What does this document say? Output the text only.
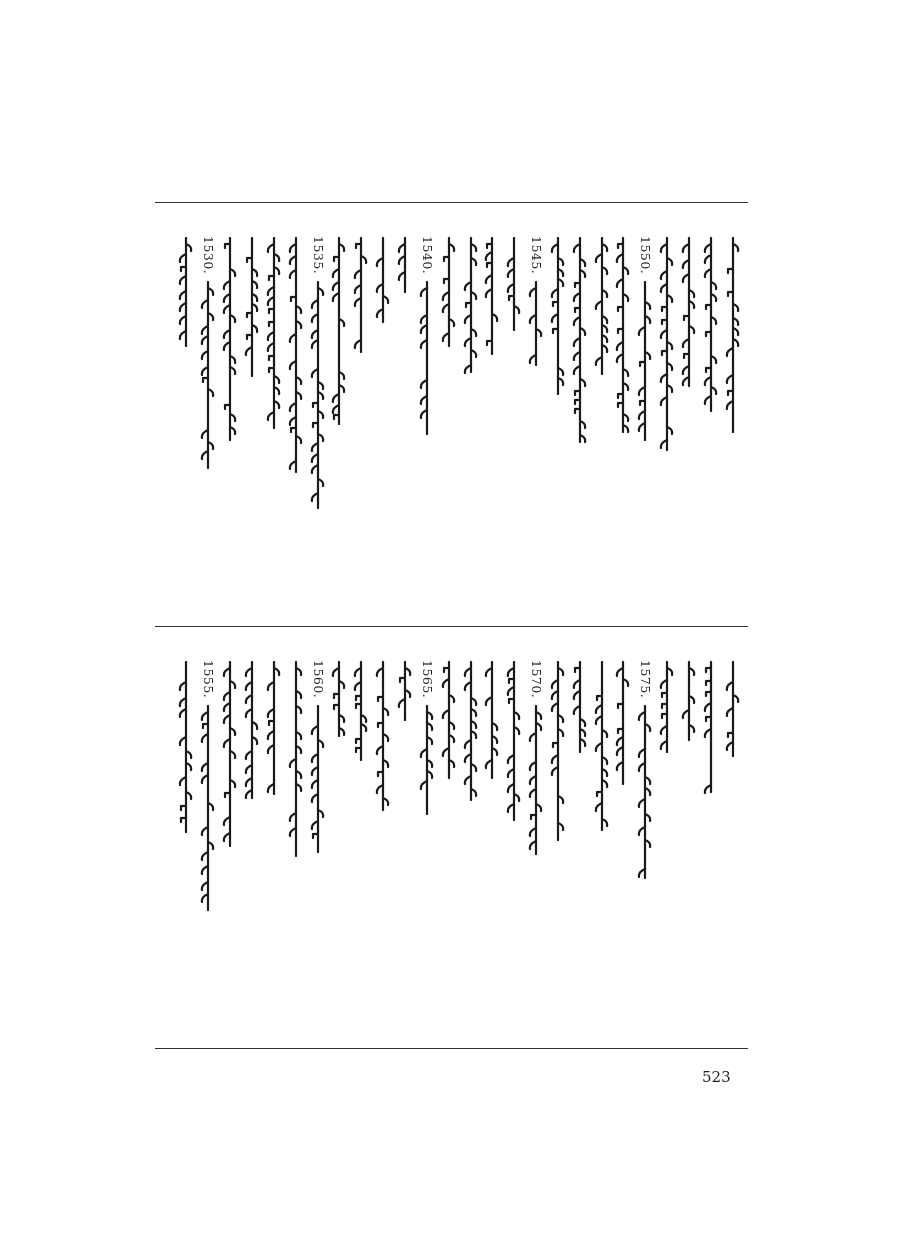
1550.
1545.
1540.
1535.
1530.
1575.
1570.
1565.
1560.
1555.
523
